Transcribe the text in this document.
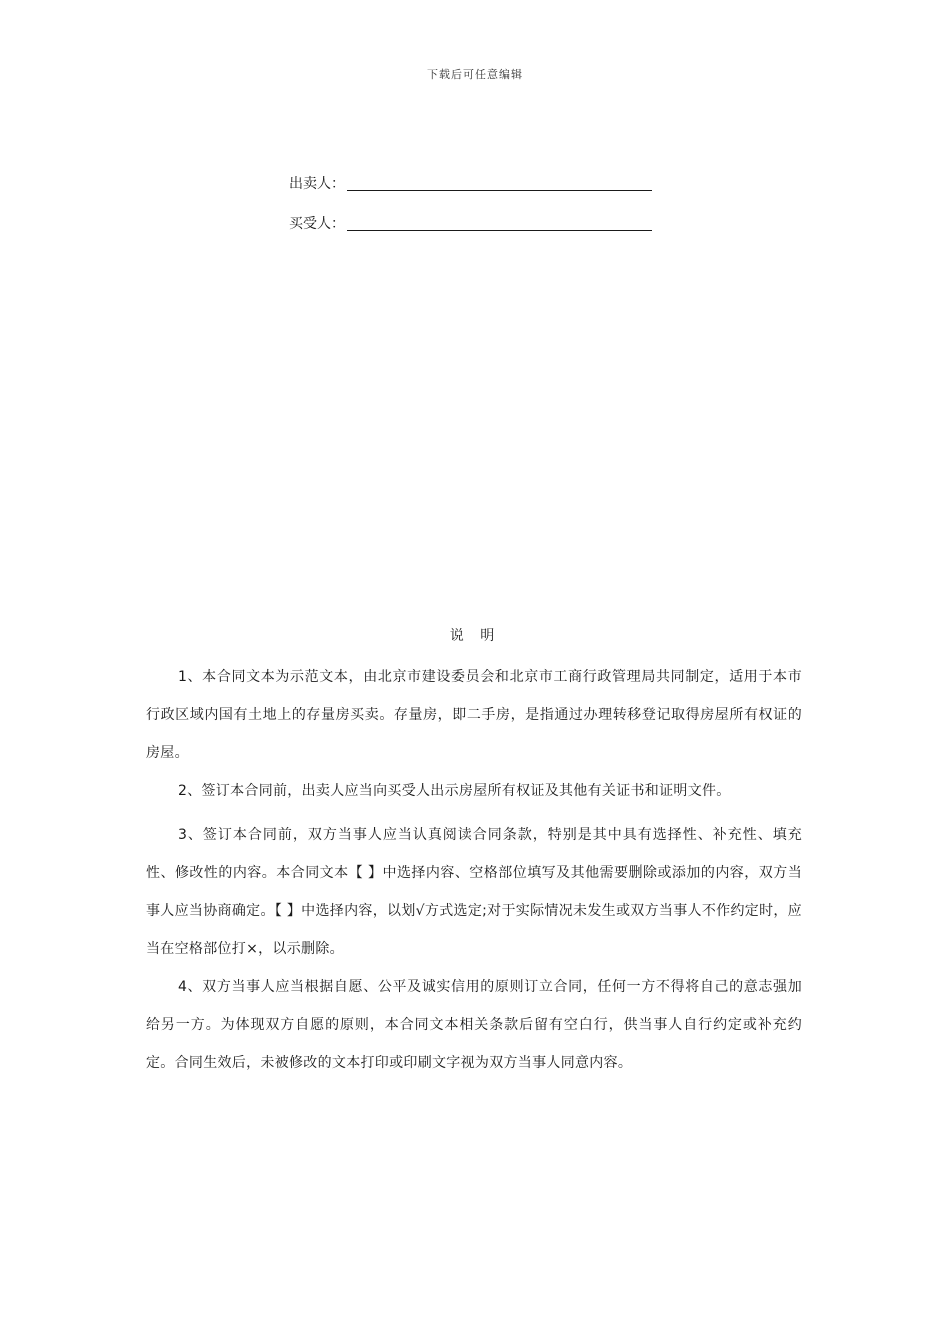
下载后可任意编辑
出卖人：
买受人：
说 明

1、本合同文本为示范文本，由北京市建设委员会和北京市工商行政管理局共同制定，适用于本市行政区域内国有土地上的存量房买卖。存量房，即二手房，是指通过办理转移登记取得房屋所有权证的房屋。

2、签订本合同前，出卖人应当向买受人出示房屋所有权证及其他有关证书和证明文件。

3、签订本合同前，双方当事人应当认真阅读合同条款，特别是其中具有选择性、补充性、填充性、修改性的内容。本合同文本【 】中选择内容、空格部位填写及其他需要删除或添加的内容，双方当事人应当协商确定。【 】中选择内容，以划√方式选定;对于实际情况未发生或双方当事人不作约定时，应当在空格部位打×，以示删除。

4、双方当事人应当根据自愿、公平及诚实信用的原则订立合同，任何一方不得将自己的意志强加给另一方。为体现双方自愿的原则，本合同文本相关条款后留有空白行，供当事人自行约定或补充约定。合同生效后，未被修改的文本打印或印刷文字视为双方当事人同意内容。
